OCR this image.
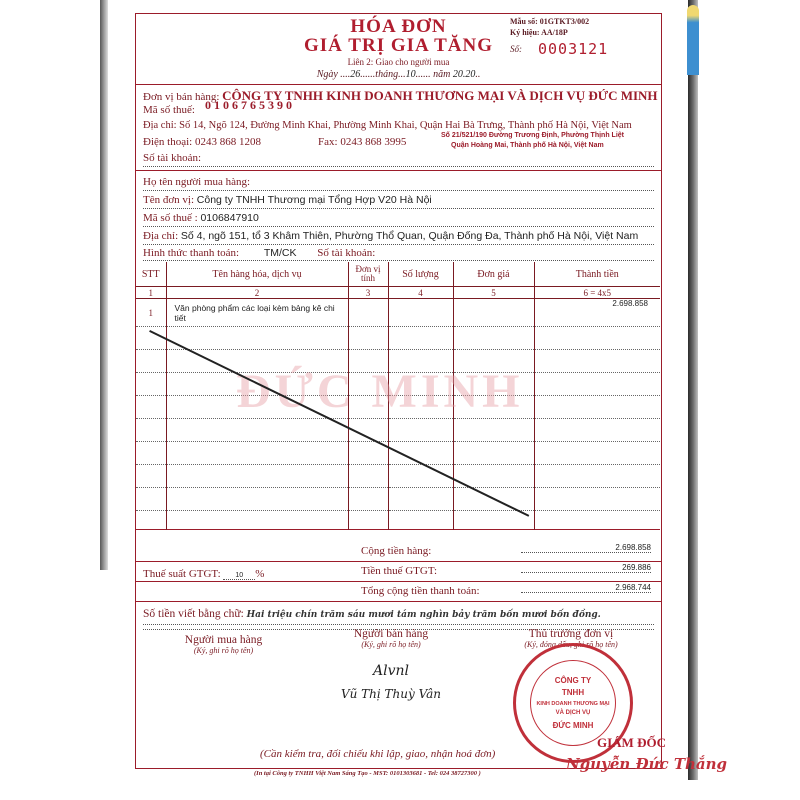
HÓA ĐƠN
GIÁ TRỊ GIA TĂNG
Liên 2: Giao cho người mua
Ngày ....26......tháng...10...... năm 20.20..
Mẫu số: 01GTKT3/002
Ký hiệu: AA/18P
Số: 0003121
Đơn vị bán hàng: CÔNG TY TNHH KINH DOANH THƯƠNG MẠI VÀ DỊCH VỤ ĐỨC MINH
Mã số thuế: 0106765390
Địa chỉ: Số 14, Ngõ 124, Đường Minh Khai, Phường Minh Khai, Quận Hai Bà Trưng, Thành phố Hà Nội, Việt Nam
Điện thoại: 0243 868 1208	Fax: 0243 868 3995
Số 21/521/190 Đường Trương Định, Phường Thịnh Liệt
Quận Hoàng Mai, Thành phố Hà Nội, Việt Nam
Số tài khoản:
Họ tên người mua hàng:
Tên đơn vị: Công ty TNHH Thương mại Tổng Hợp V20 Hà Nội
Mã số thuế : 0106847910
Địa chỉ: Số 4, ngõ 151, tổ 3 Khâm Thiên, Phường Thổ Quan, Quận Đống Đa, Thành phố Hà Nội, Việt Nam
Hình thức thanh toán: TM/CK Số tài khoản:
STT	Tên hàng hóa, dịch vụ	Đơn vị tính	Số lượng	Đơn giá	Thành tiền
1	2	3	4	5	6 = 4x5
1	Văn phòng phẩm các loại kèm bảng kê chi tiết				2.698.858

ĐỨC MINH
Cộng tiền hàng:	2.698.858
Thuế suất GTGT: 10 %	Tiền thuế GTGT:	269.886
Tổng cộng tiền thanh toán:	2.968.744
Số tiền viết bằng chữ: Hai triệu chín trăm sáu mươi tám nghìn bảy trăm bốn mươi bốn đồng.
Người mua hàng
(Ký, ghi rõ họ tên)
Người bán hàng
(Ký, ghi rõ họ tên)
Alvnl
Vũ Thị Thuỳ Vân
Thủ trưởng đơn vị
(Ký, đóng dấu, ghi rõ họ tên)
CÔNG TY
TNHH
KINH DOANH THƯƠNG MẠI
VÀ DỊCH VỤ
ĐỨC MINH
GIÁM ĐỐC
Nguyễn Đức Thắng
(Cần kiểm tra, đối chiếu khi lập, giao, nhận hoá đơn)
(In tại Công ty TNHH Việt Nam Sáng Tạo - MST: 0101303681 - Tel: 024 38727300 )
